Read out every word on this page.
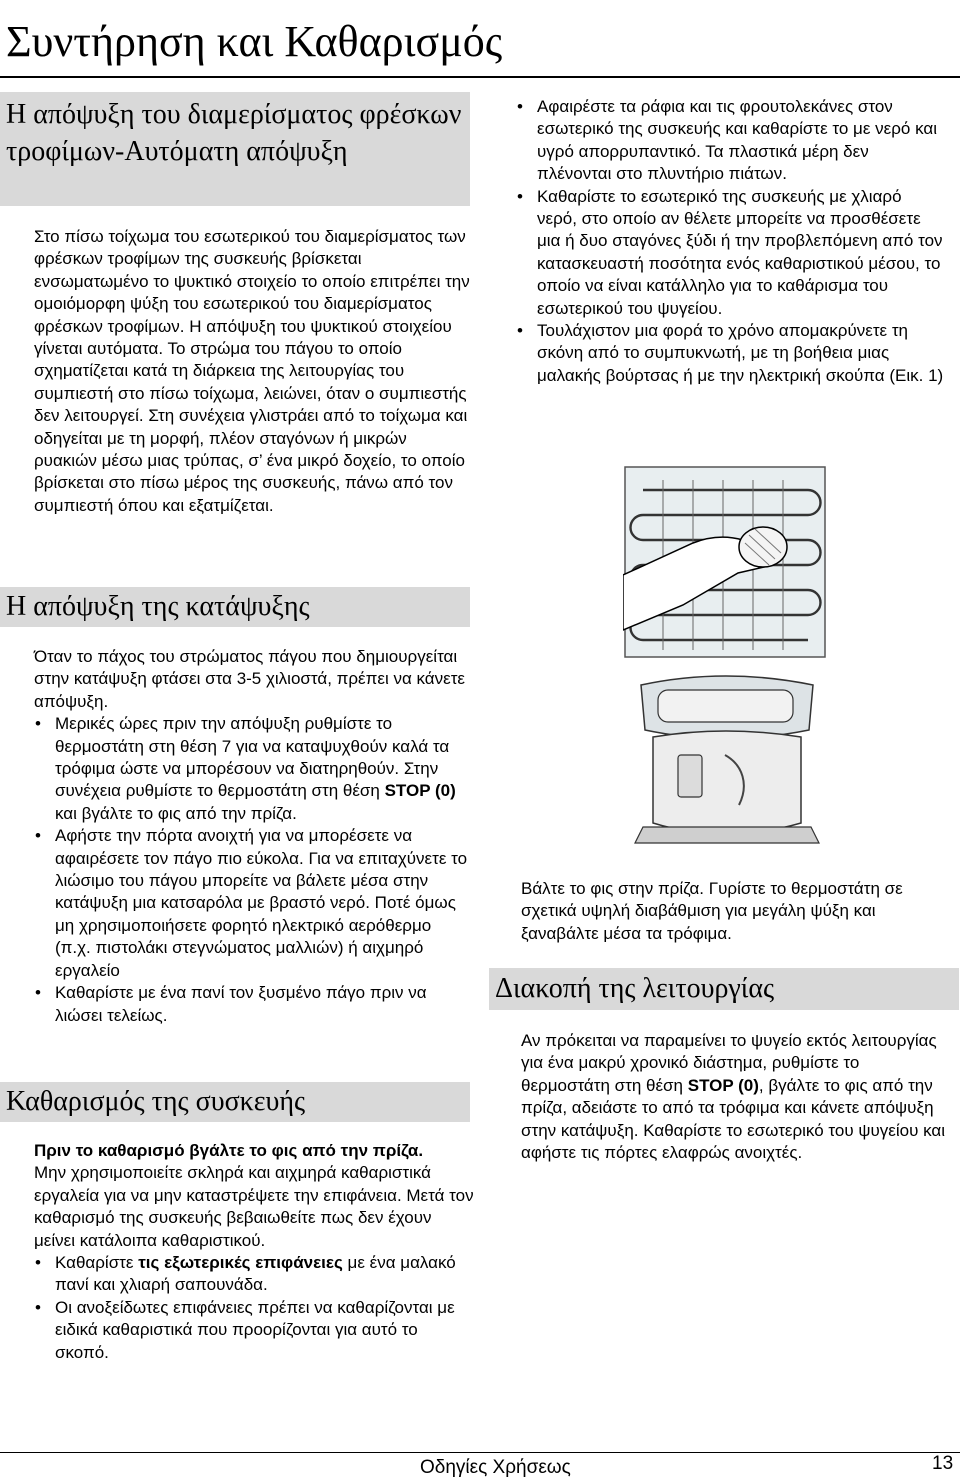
Συντήρηση και Καθαρισμός
Η απόψυξη του διαμερίσματος φρέσκων τροφίμων-Αυτόματη απόψυξη

Στο πίσω τοίχωμα του εσωτερικού του διαμερίσματος των φρέσκων τροφίμων της συσκευής βρίσκεται ενσωματωμένο το ψυκτικό στοιχείο το οποίο επιτρέπει την ομοιόμορφη ψύξη του εσωτερικού του διαμερίσματος φρέσκων τροφίμων. Η απόψυξη του ψυκτικού στοιχείου γίνεται αυτόματα. Το στρώμα του πάγου το οποίο σχηματίζεται κατά τη διάρκεια της λειτουργίας του συμπιεστή στο πίσω τοίχωμα, λειώνει, όταν ο συμπιεστής δεν λειτουργεί. Στη συνέχεια γλιστράει από το τοίχωμα και οδηγείται με τη μορφή, πλέον σταγόνων ή μικρών ρυακιών μέσω μιας τρύπας, σ’ ένα μικρό δοχείο, το οποίο βρίσκεται στο πίσω μέρος της συσκευής, πάνω από τον συμπιεστή όπου και εξατμίζεται.

Η απόψυξη της κατάψυξης

Όταν το πάχος του στρώματος πάγου που δημιουργείται στην κατάψυξη φτάσει στα 3-5 χιλιοστά, πρέπει να κάνετε απόψυξη.

• Μερικές ώρες πριν την απόψυξη ρυθμίστε το θερμοστάτη στη θέση 7 για να καταψυχθούν καλά τα τρόφιμα ώστε να μπορέσουν να διατηρηθούν. Στην συνέχεια ρυθμίστε το θερμοστάτη στη θέση STOP (0) και βγάλτε το φις από την πρίζα.
• Αφήστε την πόρτα ανοιχτή για να μπορέσετε να αφαιρέσετε τον πάγο πιο εύκολα. Για να επιταχύνετε το λιώσιμο του πάγου μπορείτε να βάλετε μέσα στην κατάψυξη μια κατσαρόλα με βραστό νερό. Ποτέ όμως μη χρησιμοποιήσετε φορητό ηλεκτρικό αερόθερμο (π.χ. πιστολάκι στεγνώματος μαλλιών) ή αιχμηρό εργαλείο
• Καθαρίστε με ένα πανί τον ξυσμένο πάγο πριν να λιώσει τελείως.
Καθαρισμός της συσκευής

Πριν το καθαρισμό βγάλτε το φις από την πρίζα.

Μην χρησιμοποιείτε σκληρά και αιχμηρά καθαριστικά εργαλεία για να μην καταστρέψετε την επιφάνεια. Μετά τον καθαρισμό της συσκευής βεβαιωθείτε πως δεν έχουν μείνει κατάλοιπα καθαριστικού.

• Καθαρίστε τις εξωτερικές επιφάνειες με ένα μαλακό πανί και χλιαρή σαπουνάδα.
• Οι ανοξείδωτες επιφάνειες πρέπει να καθαρίζονται με ειδικά καθαριστικά που προορίζονται για αυτό το σκοπό.
• Αφαιρέστε τα ράφια και τις φρουτολεκάνες στον εσωτερικό της συσκευής και καθαρίστε το με νερό και υγρό απορρυπαντικό. Τα πλαστικά μέρη δεν πλένονται στο πλυντήριο πιάτων.
• Καθαρίστε το εσωτερικό της συσκευής με χλιαρό νερό, στο οποίο αν θέλετε μπορείτε να προσθέσετε μια ή δυο σταγόνες ξύδι ή την προβλεπόμενη από τον κατασκευαστή ποσότητα ενός καθαριστικού μέσου, το οποίο να είναι κατάλληλο για το καθάρισμα του εσωτερικού του ψυγείου.
• Τουλάχιστον μια φορά το χρόνο απομακρύνετε τη σκόνη από το συμπυκνωτή, με τη βοήθεια μιας μαλακής βούρτσας ή με την ηλεκτρική σκούπα (Εικ. 1)

Βάλτε το φις στην πρίζα. Γυρίστε το θερμοστάτη σε σχετικά υψηλή διαβάθμιση για μεγάλη ψύξη και ξαναβάλτε μέσα τα τρόφιμα.

Διακοπή της λειτουργίας

Αν πρόκειται να παραμείνει το ψυγείο εκτός λειτουργίας για ένα μακρύ χρονικό διάστημα, ρυθμίστε το θερμοστάτη στη θέση STOP (0), βγάλτε το φις από την πρίζα, αδειάστε το από τα τρόφιμα και κάνετε απόψυξη στην κατάψυξη. Καθαρίστε το εσωτερικό του ψυγείου και αφήστε τις πόρτες ελαφρώς ανοιχτές.

Οδηγίες Χρήσεως	13
